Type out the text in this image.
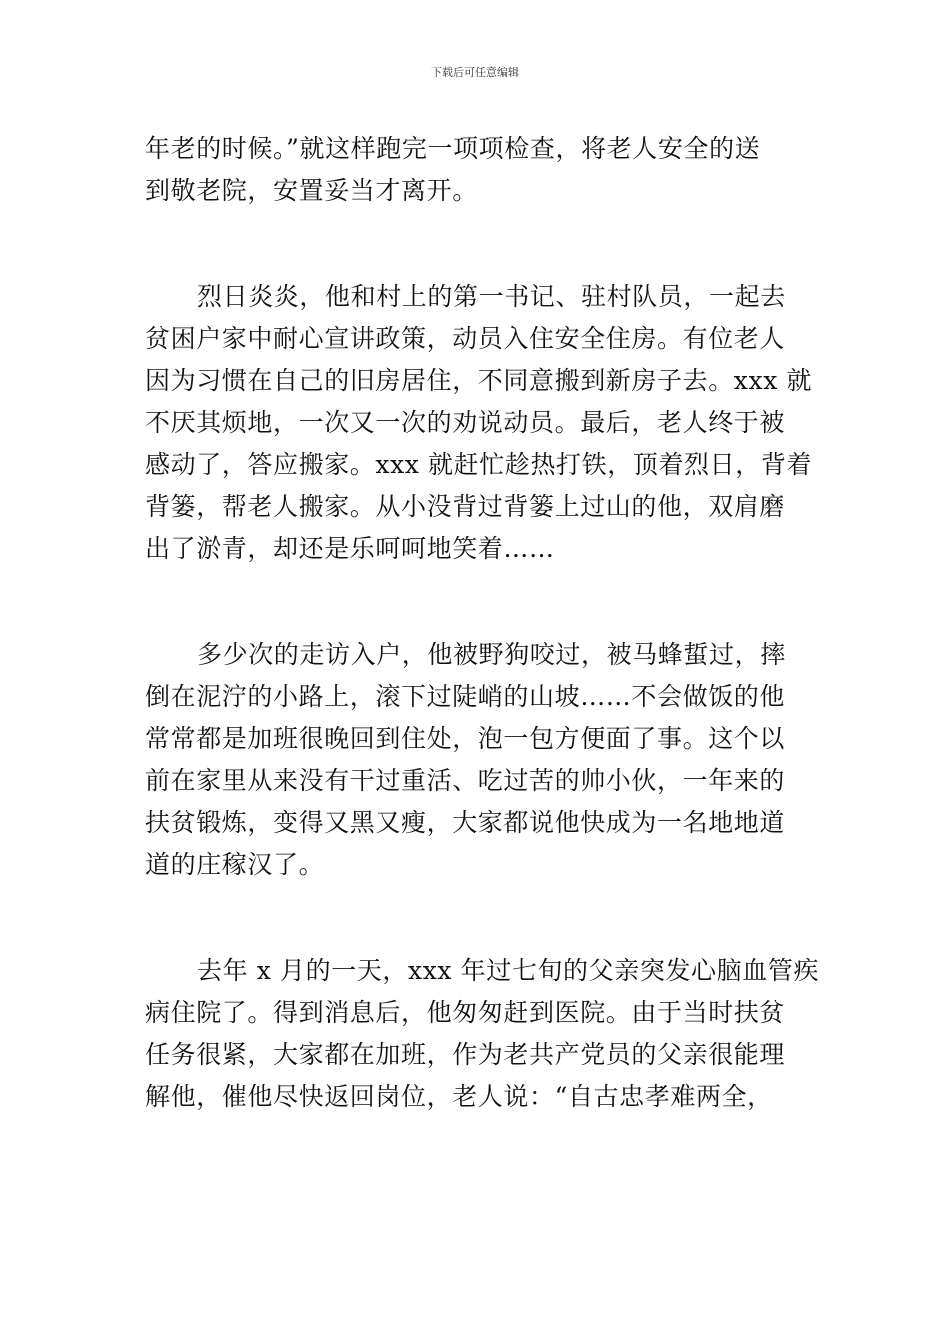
下载后可任意编辑
年老的时候。”就这样跑完一项项检查，将老人安全的送
到敬老院，安置妥当才离开。
烈日炎炎，他和村上的第一书记、驻村队员，一起去
贫困户家中耐心宣讲政策，动员入住安全住房。有位老人
因为习惯在自己的旧房居住，不同意搬到新房子去。xxx 就
不厌其烦地，一次又一次的劝说动员。最后，老人终于被
感动了，答应搬家。xxx 就赶忙趁热打铁，顶着烈日，背着
背篓，帮老人搬家。从小没背过背篓上过山的他，双肩磨
出了淤青，却还是乐呵呵地笑着……
多少次的走访入户，他被野狗咬过，被马蜂蜇过，摔
倒在泥泞的小路上，滚下过陡峭的山坡……不会做饭的他
常常都是加班很晚回到住处，泡一包方便面了事。这个以
前在家里从来没有干过重活、吃过苦的帅小伙，一年来的
扶贫锻炼，变得又黑又瘦，大家都说他快成为一名地地道
道的庄稼汉了。
去年 x 月的一天，xxx 年过七旬的父亲突发心脑血管疾
病住院了。得到消息后，他匆匆赶到医院。由于当时扶贫
任务很紧，大家都在加班，作为老共产党员的父亲很能理
解他，催他尽快返回岗位，老人说：“自古忠孝难两全，
